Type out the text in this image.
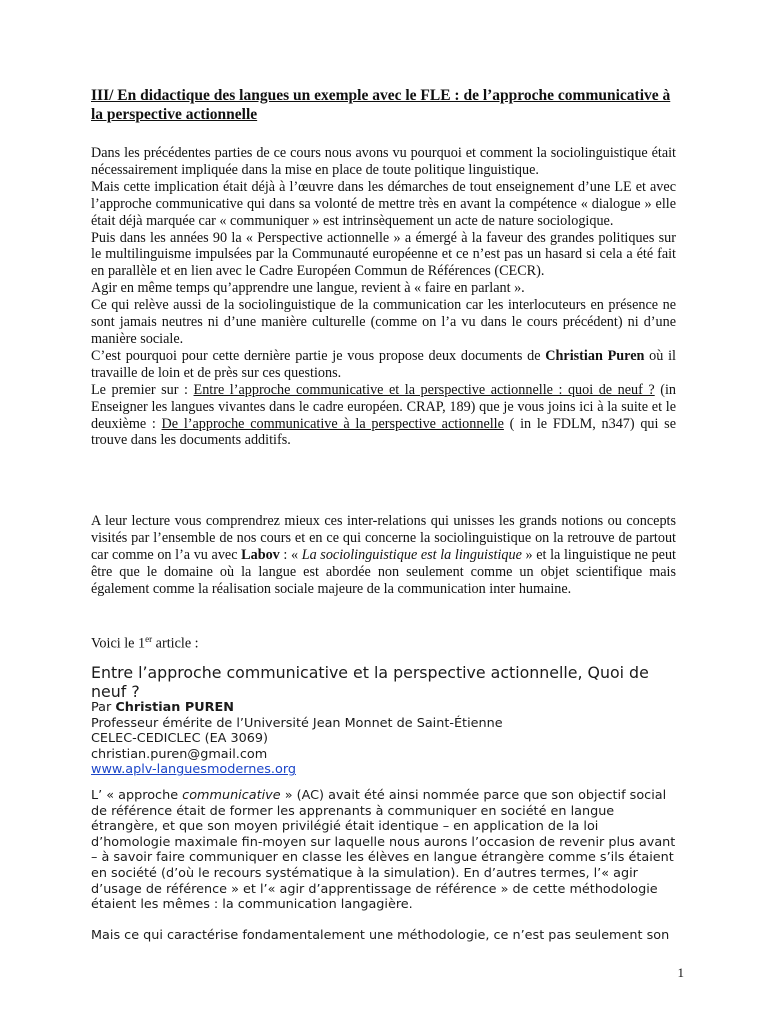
III/ En didactique des langues un exemple avec le FLE : de l’approche communicative à la perspective actionnelle

Dans les précédentes parties de ce cours nous avons vu pourquoi et comment la sociolinguistique était nécessairement impliquée dans la mise en place de toute politique linguistique.

Mais cette implication était déjà à l’œuvre dans les démarches de tout enseignement d’une LE et avec l’approche communicative qui dans sa volonté de mettre très en avant la compétence « dialogue » elle était déjà marquée car « communiquer » est intrinsèquement un acte de nature sociologique.

Puis dans les années 90 la « Perspective actionnelle » a émergé à la faveur des grandes politiques sur le multilinguisme impulsées par la Communauté européenne et ce n’est pas un hasard si cela a été fait en parallèle et en lien avec le Cadre Européen Commun de Références (CECR).

Agir en même temps qu’apprendre une langue, revient à « faire en parlant ».

Ce qui relève aussi de la sociolinguistique de la communication car les interlocuteurs en présence ne sont jamais neutres ni d’une manière culturelle (comme on l’a vu dans le cours précédent) ni d’une manière sociale.

C’est pourquoi pour cette dernière partie je vous propose deux documents de Christian Puren où il travaille de loin et de près sur ces questions.

Le premier sur : Entre l’approche communicative et la perspective actionnelle : quoi de neuf ? (in Enseigner les langues vivantes dans le cadre européen. CRAP, 189) que je vous joins ici à la suite et le deuxième : De l’approche communicative à la perspective actionnelle ( in le FDLM, n347) qui se trouve dans les documents additifs.

A leur lecture vous comprendrez mieux ces inter-relations qui unisses les grands notions ou concepts visités par l’ensemble de nos cours et en ce qui concerne la sociolinguistique on la retrouve de partout car comme on l’a vu avec Labov : « La sociolinguistique est la linguistique » et la linguistique ne peut être que le domaine où la langue est abordée non seulement comme un objet scientifique mais également comme la réalisation sociale majeure de la communication inter humaine.

Voici le 1er article :

Entre l’approche communicative et la perspective actionnelle, Quoi de neuf ?
Par Christian PUREN
Professeur émérite de l’Université Jean Monnet de Saint-Étienne
CELEC-CEDICLEC (EA 3069)
christian.puren@gmail.com
www.aplv-languesmodernes.org

L’ « approche communicative » (AC) avait été ainsi nommée parce que son objectif social de référence était de former les apprenants à communiquer en société en langue étrangère, et que son moyen privilégié était identique – en application de la loi d’homologie maximale fin-moyen sur laquelle nous aurons l’occasion de revenir plus avant – à savoir faire communiquer en classe les élèves en langue étrangère comme s’ils étaient en société (d’où le recours systématique à la simulation). En d’autres termes, l’« agir d’usage de référence » et l’« agir d’apprentissage de référence » de cette méthodologie étaient les mêmes : la communication langagière.

Mais ce qui caractérise fondamentalement une méthodologie, ce n’est pas seulement son

1
